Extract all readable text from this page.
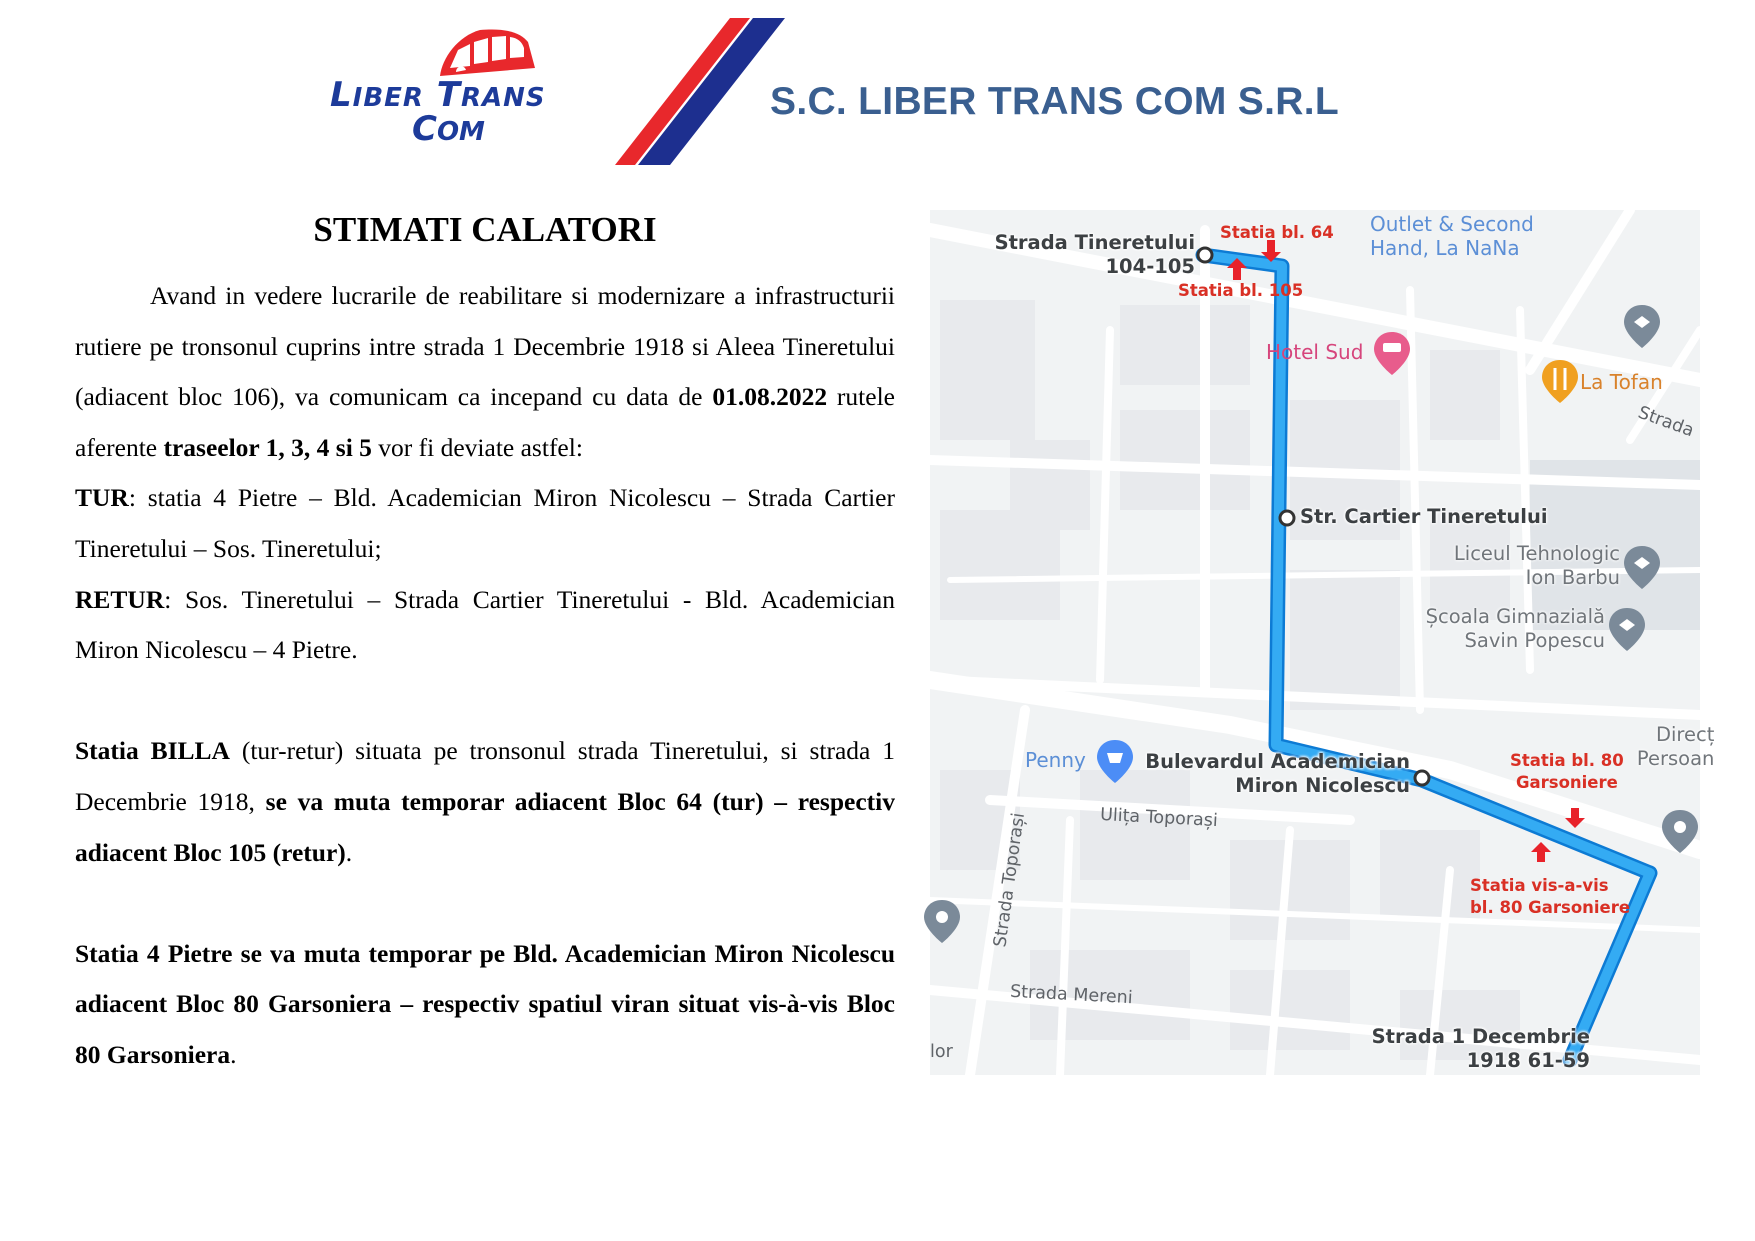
LIBER TRANS
COM
S.C. LIBER TRANS COM S.R.L
STIMATI CALATORI

Avand in vedere lucrarile de reabilitare si modernizare a infrastructurii rutiere pe tronsonul cuprins intre strada 1 Decembrie 1918 si Aleea Tineretului (adiacent bloc 106), va comunicam ca incepand cu data de 01.08.2022 rutele aferente traseelor 1, 3, 4 si 5 vor fi deviate astfel:

TUR: statia 4 Pietre – Bld. Academician Miron Nicolescu – Strada Cartier Tineretului – Sos. Tineretului;

RETUR: Sos. Tineretului – Strada Cartier Tineretului - Bld. Academician Miron Nicolescu – 4 Pietre.

Statia BILLA (tur-retur) situata pe tronsonul strada Tineretului, si strada 1 Decembrie 1918, se va muta temporar adiacent Bloc 64 (tur) – respectiv adiacent Bloc 105 (retur).

Statia 4 Pietre se va muta temporar pe Bld. Academician Miron Nicolescu adiacent Bloc 80 Garsoniera – respectiv spatiul viran situat vis-à-vis Bloc 80 Garsoniera.

Strada Tineretului
104-105
Statia bl. 64
Statia bl. 105
Outlet & Second
Hand, La NaNa
Hotel Sud
La Tofan
Strada
Str. Cartier Tineretului
Liceul Tehnologic
Ion Barbu
Școala Gimnazială
Savin Popescu
Penny	Bulevardul Academician
Miron Nicolescu
Statia bl. 80
Garsoniere
Direcț
Persoan
Ulița Toporași
Strada Toporași	Statia vis-a-vis
bl. 80 Garsoniere
Strada Mereni
lor
Strada 1 Decembrie
1918 61-59
